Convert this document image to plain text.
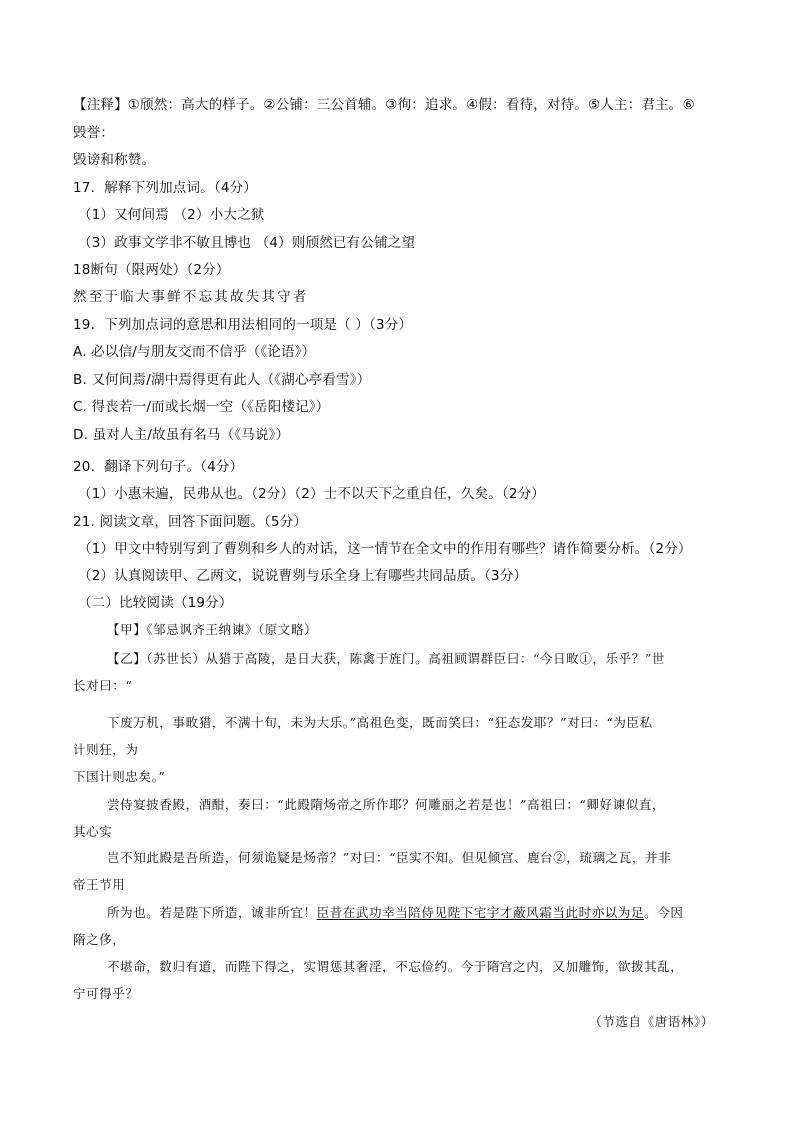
【注释】①颀然：高大的样子。②公铺：三公首辅。③徇：追求。④假：看待，对待。⑤人主：君主。⑥
毁誉：
毁谤和称赞。
17．解释下列加点词。（4分）
（1）又何间焉 （2）小大之狱
（3）政事文学非不敏且博也 （4）则颀然已有公铺之望
18断句（限两处）（2分）
然至于临大事鲜不忘其故失其守者
19．下列加点词的意思和用法相同的一项是（ ）（3分）
A. 必以信/与朋友交而不信乎（《论语》）
B. 又何间焉/湖中焉得更有此人（《湖心亭看雪》）
C. 得丧若一/而或长烟一空（《岳阳楼记》）
D. 虽对人主/故虽有名马（《马说》）
20．翻译下列句子。（4分）
（1）小惠未遍，民弗从也。（2分）（2）士不以天下之重自任，久矣。（2分）
21. 阅读文章，回答下面问题。（5分）
（1）甲文中特别写到了曹刿和乡人的对话，这一情节在全文中的作用有哪些？请作简要分析。（2分）
（2）认真阅读甲、乙两文，说说曹刿与乐全身上有哪些共同品质。（3分）
（二）比较阅读（19分）
【甲】《邹忌讽齐王纳谏》（原文略）
【乙】（苏世长）从猎于高陵，是日大获，陈禽于旌门。高祖顾谓群臣曰：“今日畋①，乐乎？”世
长对曰：“
下废万机，事畋猎，不满十旬，未为大乐。”高祖色变，既而笑曰：“狂态发耶？”对曰：“为臣私
计则狂，为
下国计则忠矣。”
尝侍宴披香殿，酒酣，奏曰：“此殿隋炀帝之所作耶？何雕丽之若是也！”高祖曰：“卿好谏似直，
其心实
岂不知此殿是吾所造，何须诡疑是炀帝？”对曰：“臣实不知。但见倾宫、鹿台②，琉璃之瓦，并非
帝王节用
所为也。若是陛下所造，诚非所宜！臣昔在武功幸当陪侍见陛下宅宇才蔽风霜当此时亦以为足。今因
隋之侈，
不堪命，数归有道，而陛下得之，实谓惩其奢淫，不忘俭约。今于隋宫之内，又加雕饰，欲拨其乱，
宁可得乎？
（节选自《唐语林》）
